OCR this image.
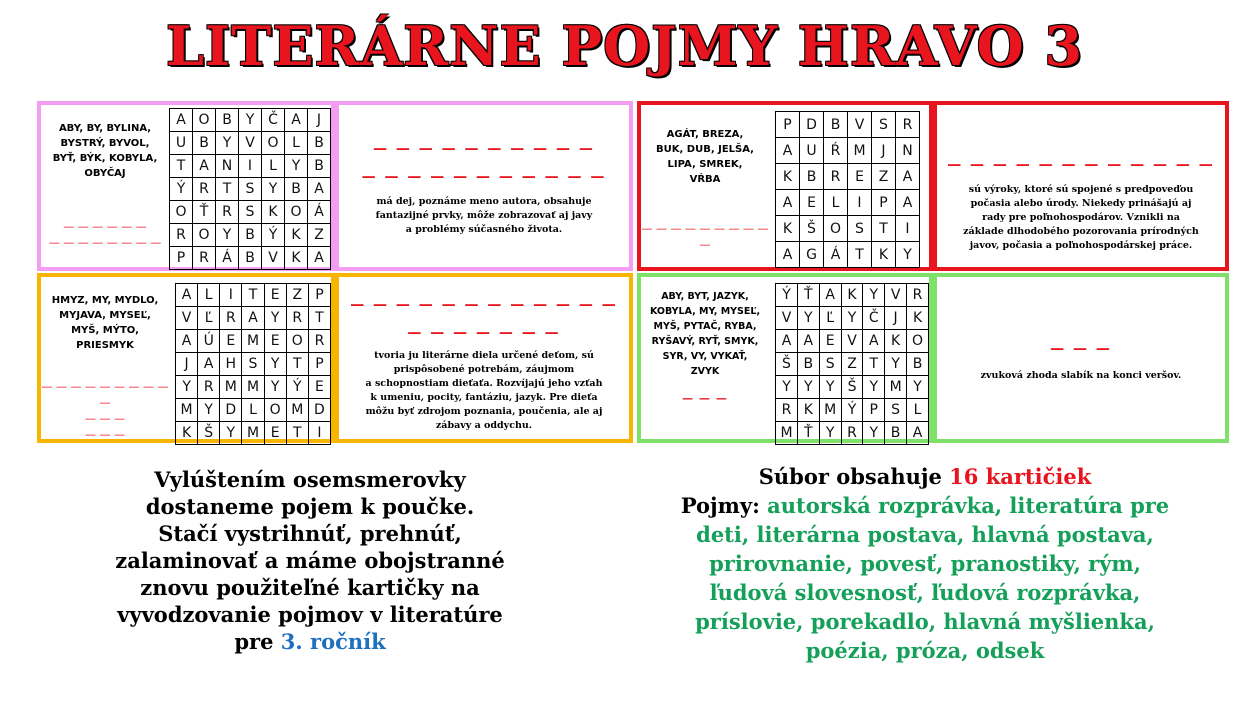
LITERÁRNE POJMY HRAVO 3
ABY, BY, BYLINA,
BYSTRÝ, BYVOL,
BYŤ, BÝK, KOBYLA,
OBYČAJ
— — — — — —
— — — — — — — —
A	O	B	Y	Č	A	J
U	B	Y	V	O	L	B
T	A	N	I	L	Y	B
Ý	R	T	S	Y	B	A
O	Ť	R	S	K	O	Á
R	O	Y	B	Ý	K	Z
P	R	Á	B	V	K	A
— — — — — — — — — —
— — — — — — — — — — —
má dej, poznáme meno autora, obsahuje
fantazijné prvky, môže zobrazovať aj javy
a problémy súčasného života.
AGÁT, BREZA,
BUK, DUB, JELŠA,
LIPA, SMREK,
VŔBA
— — — — — — — — — —
P	D	B	V	S	R
A	U	Ŕ	M	J	N
K	B	R	E	Z	A
A	E	L	I	P	A
K	Š	O	S	T	I
A	G	Á	T	K	Y
— — — — — — — — — — — —
sú výroky, ktoré sú spojené s predpoveďou
počasia alebo úrody. Niekedy prinášajú aj
rady pre poľnohospodárov. Vznikli na
základe dlhodobého pozorovania prírodných
javov, počasia a poľnohospodárskej práce.
HMYZ, MY, MYDLO,
MYJAVA, MYSEĽ,
MYŠ, MÝTO,
PRIESMYK
— — — — — — — — — —
— — —
— — —
A	L	I	T	E	Z	P
V	Ľ	R	A	Y	R	T
A	Ú	E	M	E	O	R
J	A	H	S	Y	T	P
Y	R	M	M	Y	Ý	E
M	Y	D	L	O	M	D
K	Š	Y	M	E	T	I
— — — — — — — — — — — —
— — — — — — —
tvoria ju literárne diela určené deťom, sú
prispôsobené potrebám, záujmom
a schopnostiam dieťaťa. Rozvíjajú jeho vzťah
k umeniu, pocity, fantáziu, jazyk. Pre dieťa
môžu byť zdrojom poznania, poučenia, ale aj
zábavy a oddychu.
ABY, BYT, JAZYK,
KOBYLA, MY, MYSEĽ,
MYŠ, PYTAČ, RYBA,
RYŠAVÝ, RYŤ, SMYK,
SYR, VY, VYKAŤ,
ZVYK
— — —
Ý	Ť	A	K	Y	V	R
V	Y	Ľ	Y	Č	J	K
A	A	E	V	A	K	O
Š	B	S	Z	T	Y	B
Y	Y	Y	Š	Y	M	Y
R	K	M	Ý	P	S	L
M	Ť	Y	R	Y	B	A
— — —
zvuková zhoda slabík na konci veršov.
Vylúštením osemsmerovky
dostaneme pojem k poučke.
Stačí vystrihnúť, prehnúť,
zalaminovať a máme obojstranné
znovu použiteľné kartičky na
vyvodzovanie pojmov v literatúre
pre 3. ročník
Súbor obsahuje 16 kartičiek
Pojmy: autorská rozprávka, literatúra pre
deti, literárna postava, hlavná postava,
prirovnanie, povesť, pranostiky, rým,
ľudová slovesnosť, ľudová rozprávka,
príslovie, porekadlo, hlavná myšlienka,
poézia, próza, odsek
